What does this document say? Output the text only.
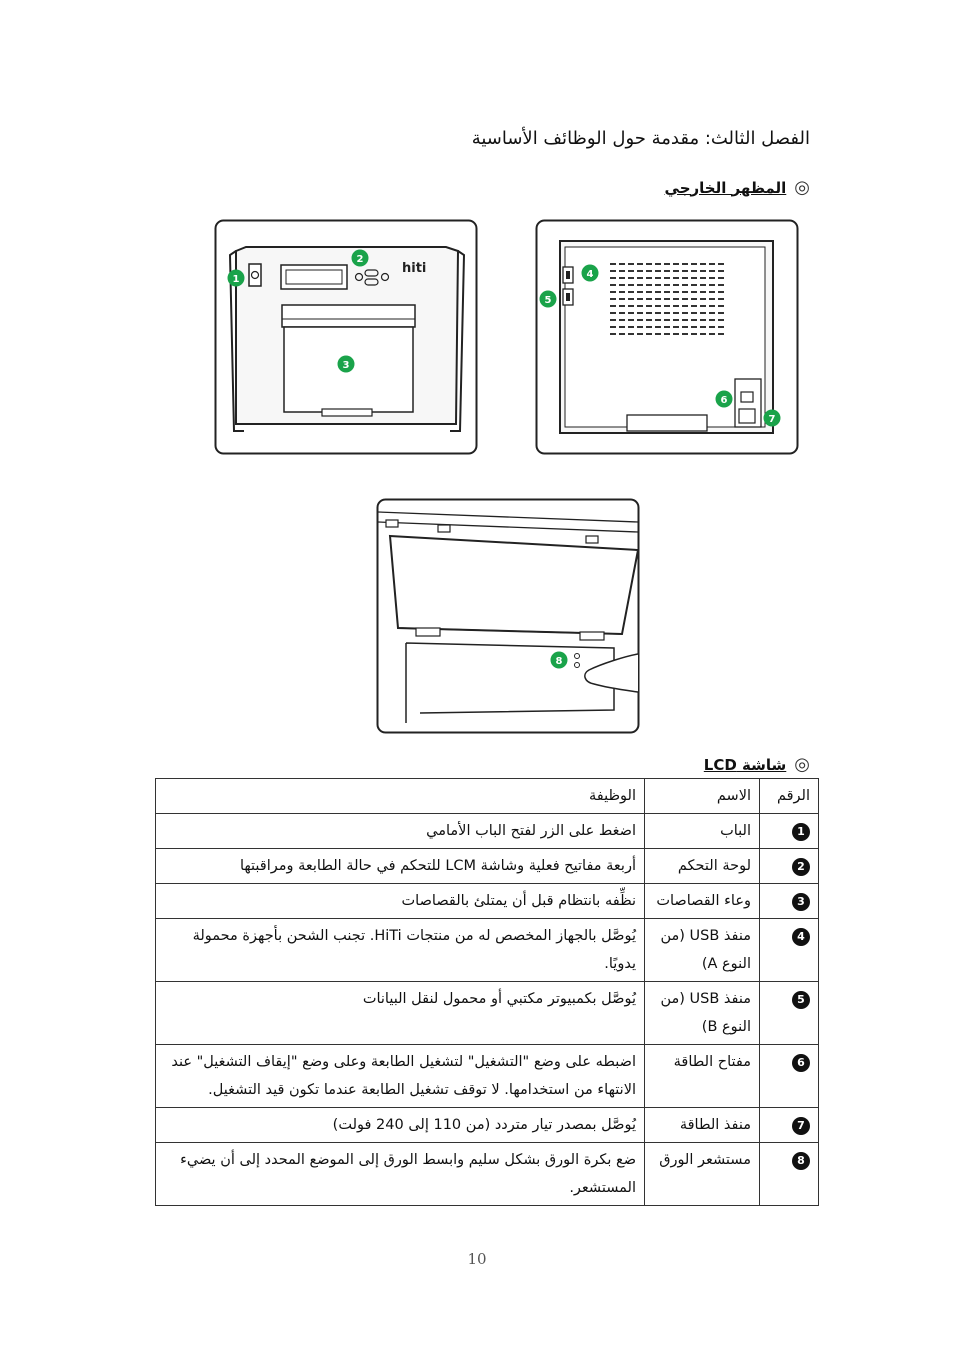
الفصل الثالث: مقدمة حول الوظائف الأساسية
◎
المظهر الخارجي
hiti
1
2
3
4
5
6
7
8
◎
شاشة LCD
الرقم	الاسم	الوظيفة
1	الباب	اضغط على الزر لفتح الباب الأمامي
2	لوحة التحكم	أربعة مفاتيح فعلية وشاشة LCM للتحكم في حالة الطابعة ومراقبتها
3	وعاء القصاصات	نظِّفه بانتظام قبل أن يمتلئ بالقصاصات
4	منفذ USB (من النوع A)	يُوصَّل بالجهاز المخصص له من منتجات HiTi. تجنب الشحن بأجهزة محمولة يدويًا.
5	منفذ USB (من النوع B)	يُوصَّل بكمبيوتر مكتبي أو محمول لنقل البيانات
6	مفتاح الطاقة	اضبطه على وضع "التشغيل" لتشغيل الطابعة وعلى وضع "إيقاف التشغيل" عند الانتهاء من استخدامها. لا توقف تشغيل الطابعة عندما تكون قيد التشغيل.
7	منفذ الطاقة	يُوصَّل بمصدر تيار متردد (من 110 إلى 240 فولت)
8	مستشعر الورق	ضع بكرة الورق بشكل سليم وابسط الورق إلى الموضع المحدد إلى أن يضيء المستشعر.
10
